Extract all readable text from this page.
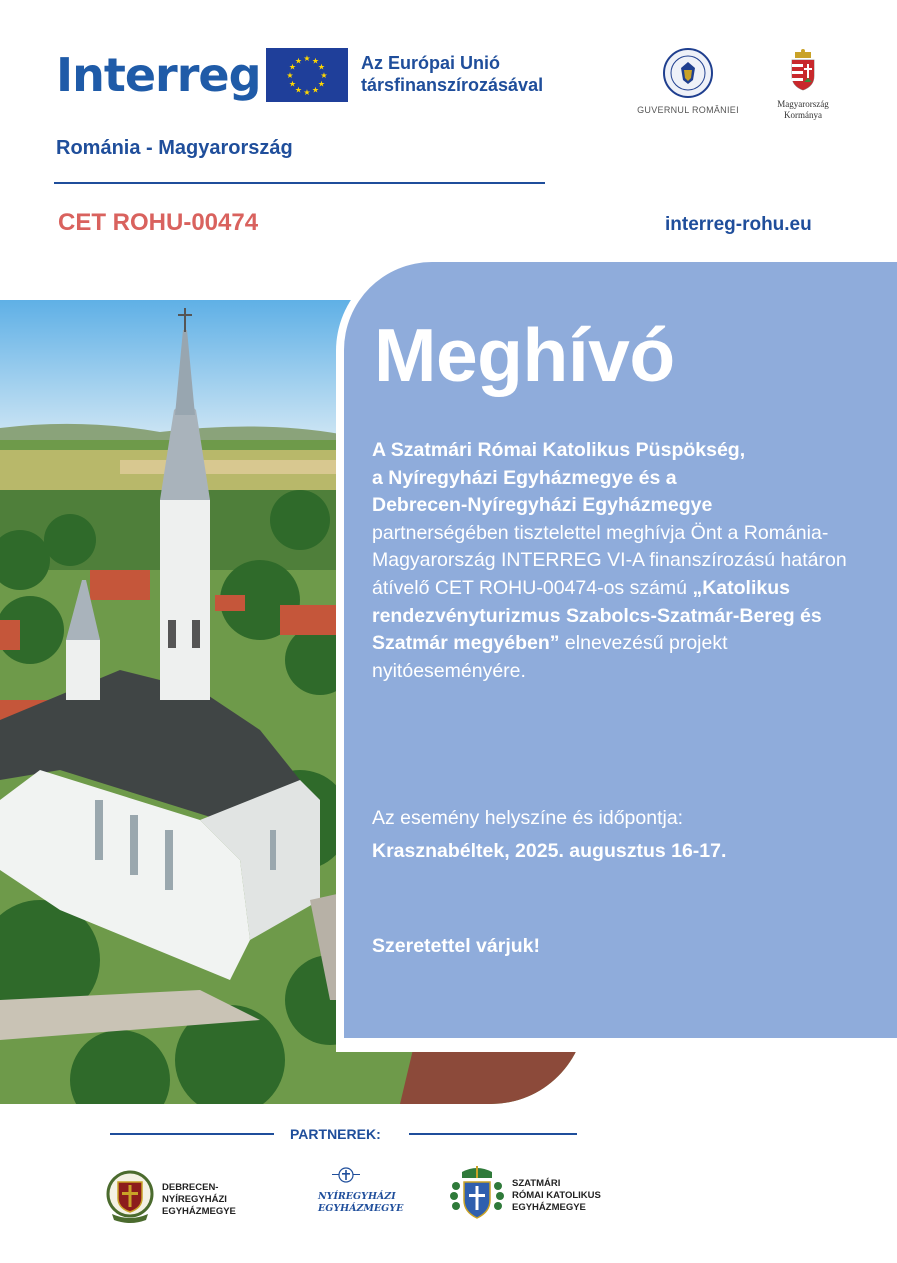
Interreg	★ ★
★
★
★
★
★
★
★
★
★
★	Az Európai Unió
társfinanszírozásával
GUVERNUL ROMÂNIEI
Magyarország
Kormánya
Románia - Magyarország
CET ROHU-00474	interreg-rohu.eu
Meghívó
A Szatmári Római Katolikus Püspökség,
a Nyíregyházi Egyházmegye és a
Debrecen-Nyíregyházi Egyházmegye
partnerségében tisztelettel meghívja Önt a Románia-Magyarország INTERREG VI-A finanszírozású határon átívelő CET ROHU-00474-os számú „Katolikus rendezvényturizmus Szabolcs-Szatmár-Bereg és Szatmár megyében” elnevezésű projekt nyitóeseményére.
Az esemény helyszíne és időpontja:
Krasznabéltek, 2025. augusztus 16-17.
Szeretettel várjuk!
PARTNEREK:
DEBRECEN-
NYÍREGYHÁZI
EGYHÁZMEGYE
NYÍREGYHÁZI
EGYHÁZMEGYE
SZATMÁRI
RÓMAI KATOLIKUS
EGYHÁZMEGYE
